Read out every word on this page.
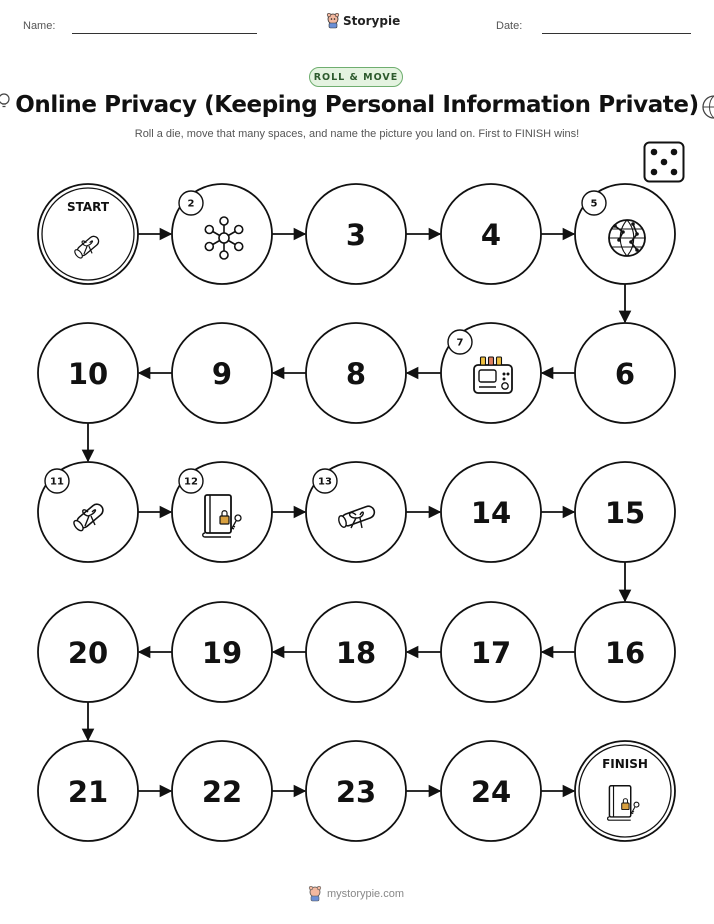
Name:	Storypie	Date:
ROLL & MOVE
Online Privacy (Keeping Personal Information Private)
Roll a die, move that many spaces, and name the picture you land on. First to FINISH wins!
START	2
3	4
5
6
7
8
9
10
11	12	13
14	15
16
17
18
19
20
21	22	23	24
FINISH
mystorypie.com
